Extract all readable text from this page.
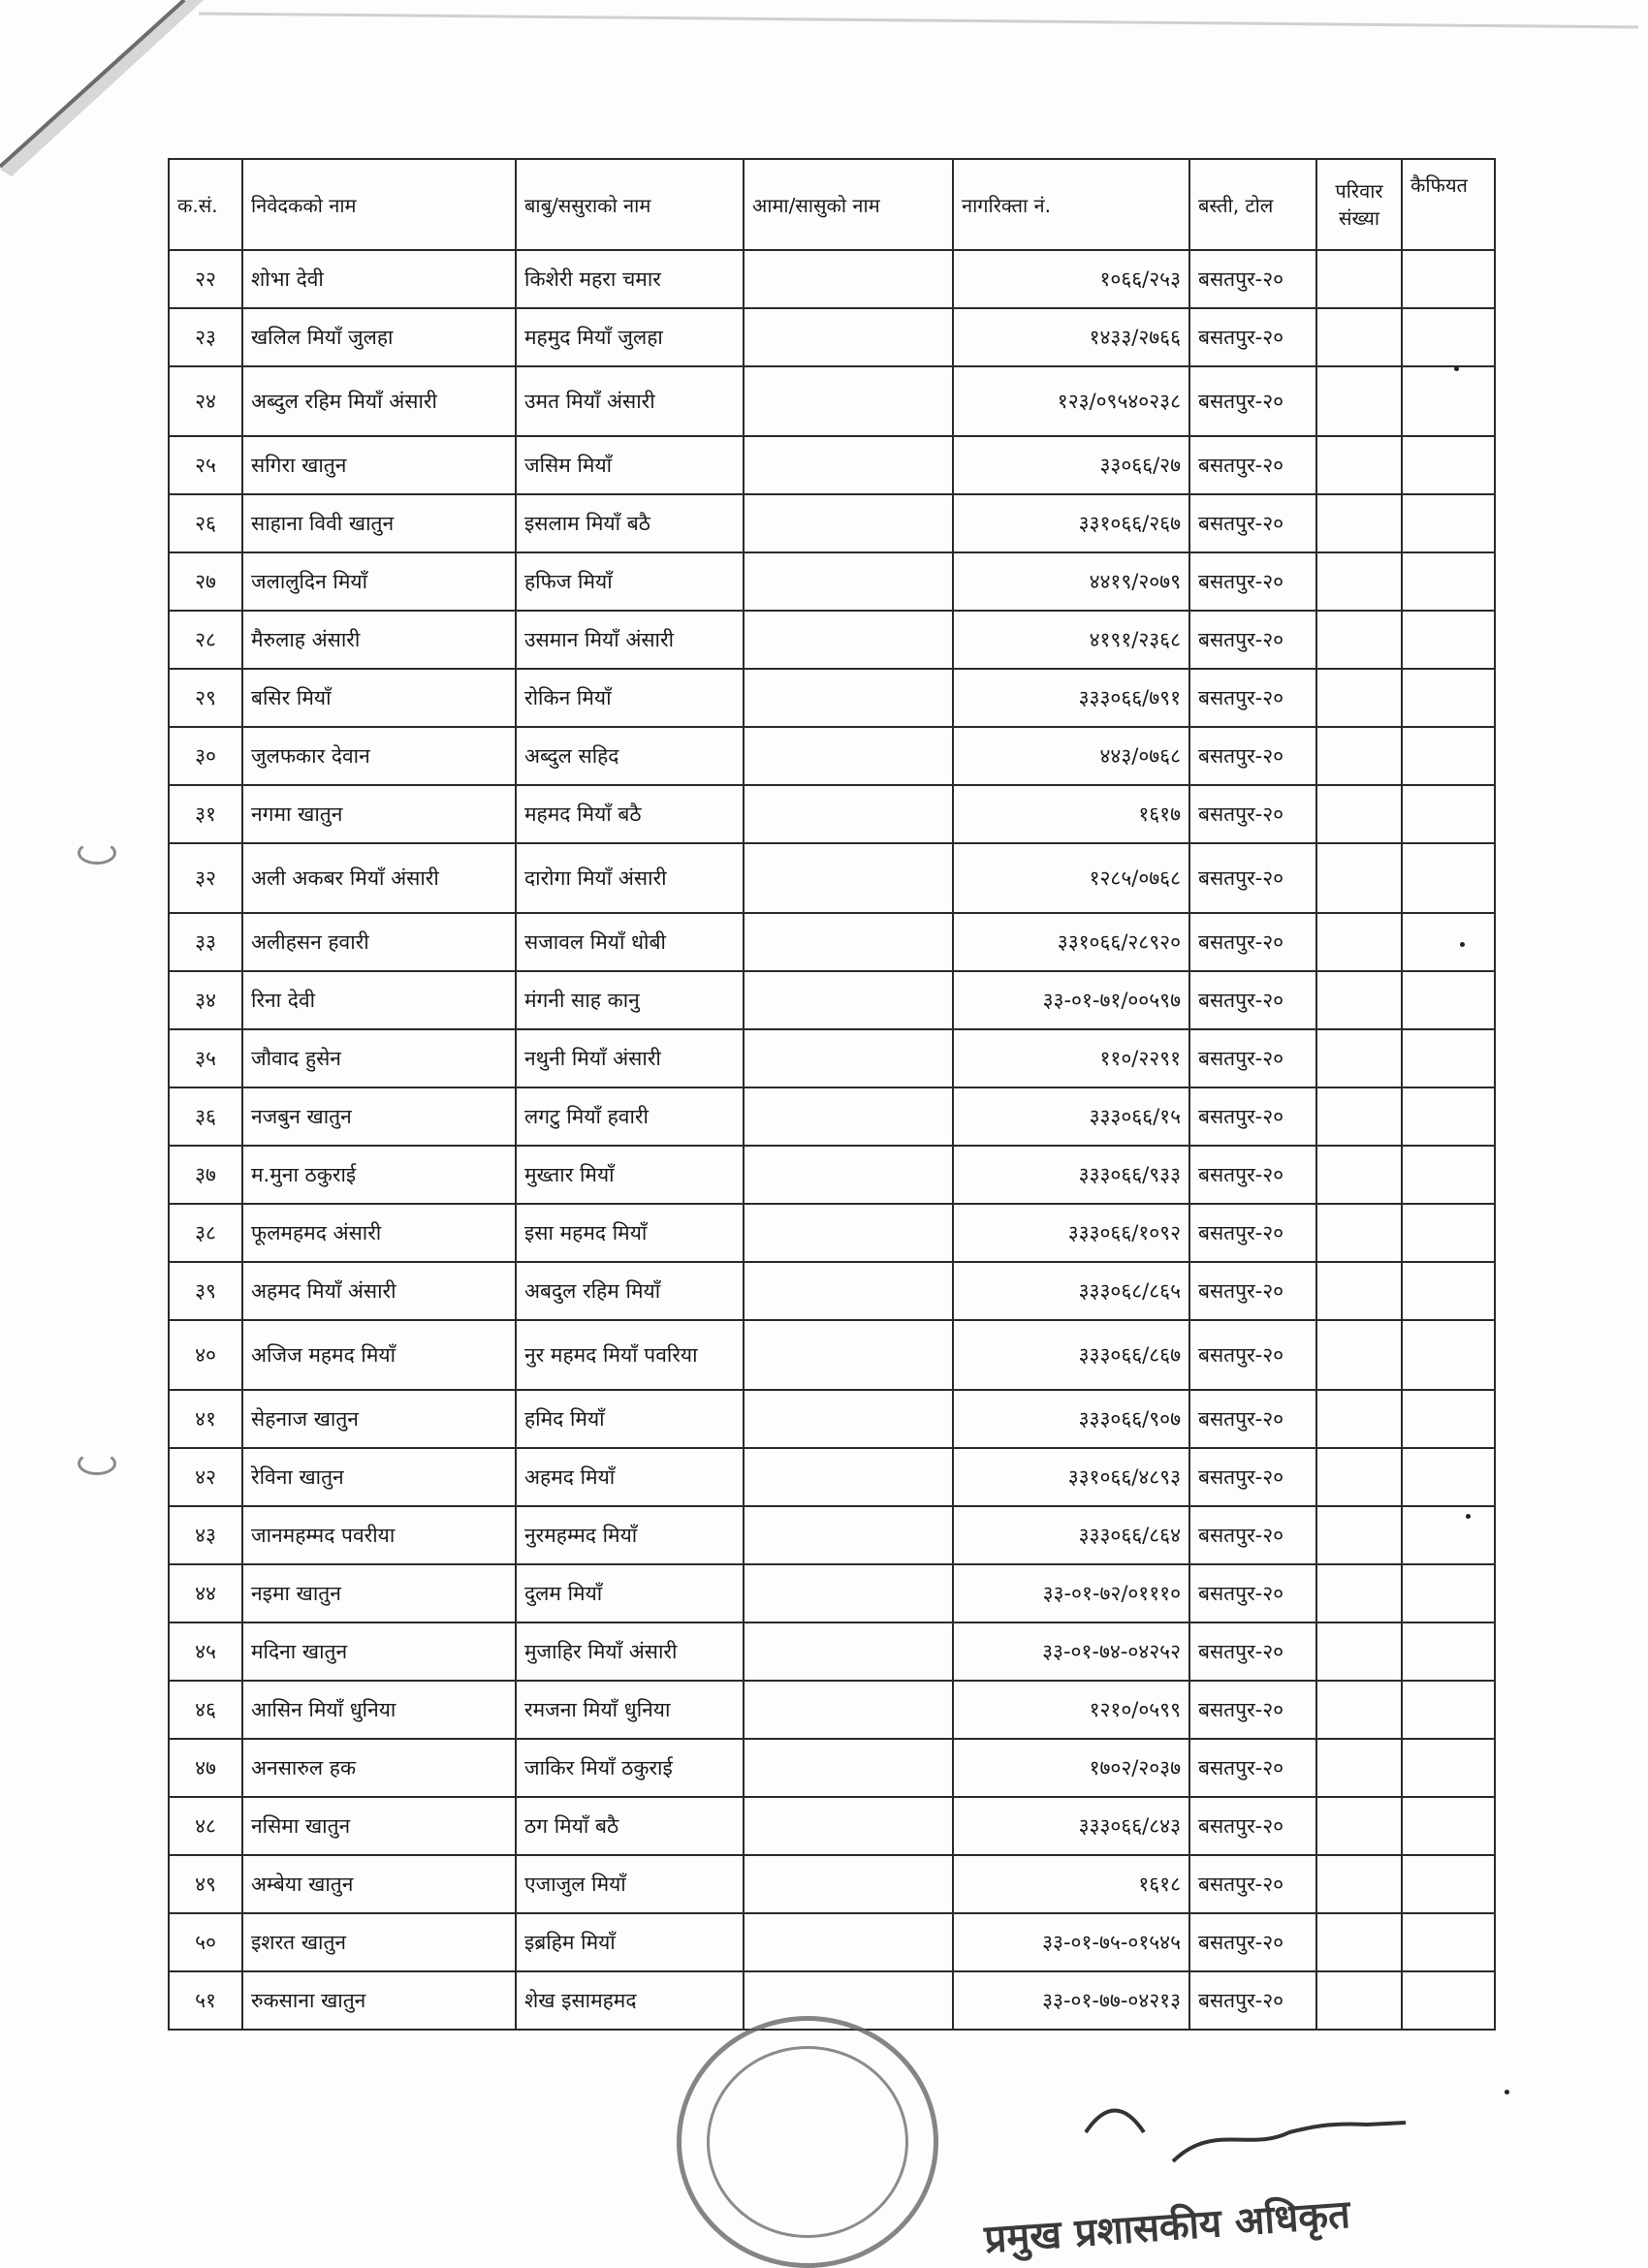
क.सं.	निवेदकको नाम	बाबु/ससुराको नाम	आमा/सासुको नाम	नागरिक्ता नं.	बस्ती, टोल	परिवार संख्या	कैफियत
२२	शोभा देवी	किशेरी महरा चमार		१०६६/२५३	बसतपुर-२०		
२३	खलिल मियाँ जुलहा	महमुद मियाँ जुलहा		१४३३/२७६६	बसतपुर-२०		
२४	अब्दुल रहिम मियाँ अंसारी	उमत मियाँ अंसारी		१२३/०९५४०२३८	बसतपुर-२०		
२५	सगिरा खातुन	जसिम मियाँ		३३०६६/२७	बसतपुर-२०		
२६	साहाना विवी खातुन	इसलाम मियाँ बठै		३३१०६६/२६७	बसतपुर-२०		
२७	जलालुदिन मियाँ	हफिज मियाँ		४४१९/२०७९	बसतपुर-२०		
२८	मैरुलाह अंसारी	उसमान मियाँ अंसारी		४१९१/२३६८	बसतपुर-२०		
२९	बसिर मियाँ	रोकिन मियाँ		३३३०६६/७९१	बसतपुर-२०		
३०	जुलफकार देवान	अब्दुल सहिद		४४३/०७६८	बसतपुर-२०		
३१	नगमा खातुन	महमद मियाँ बठै		१६१७	बसतपुर-२०		
३२	अली अकबर मियाँ अंसारी	दारोगा मियाँ अंसारी		१२८५/०७६८	बसतपुर-२०		
३३	अलीहसन हवारी	सजावल मियाँ धोबी		३३१०६६/२८९२०	बसतपुर-२०		
३४	रिना देवी	मंगनी साह कानु		३३-०१-७१/००५९७	बसतपुर-२०		
३५	जौवाद हुसेन	नथुनी मियाँ अंसारी		११०/२२९१	बसतपुर-२०		
३६	नजबुन खातुन	लगटु मियाँ हवारी		३३३०६६/१५	बसतपुर-२०		
३७	म.मुना ठकुराई	मुख्तार मियाँ		३३३०६६/९३३	बसतपुर-२०		
३८	फूलमहमद अंसारी	इसा महमद मियाँ		३३३०६६/१०९२	बसतपुर-२०		
३९	अहमद मियाँ अंसारी	अबदुल रहिम मियाँ		३३३०६८/८६५	बसतपुर-२०		
४०	अजिज महमद मियाँ	नुर महमद मियाँ पवरिया		३३३०६६/८६७	बसतपुर-२०		
४१	सेहनाज खातुन	हमिद मियाँ		३३३०६६/९०७	बसतपुर-२०		
४२	रेविना खातुन	अहमद मियाँ		३३१०६६/४८९३	बसतपुर-२०		
४३	जानमहम्मद पवरीया	नुरमहम्मद मियाँ		३३३०६६/८६४	बसतपुर-२०		
४४	नइमा खातुन	दुलम मियाँ		३३-०१-७२/०१११०	बसतपुर-२०		
४५	मदिना खातुन	मुजाहिर मियाँ अंसारी		३३-०१-७४-०४२५२	बसतपुर-२०		
४६	आसिन मियाँ धुनिया	रमजना मियाँ धुनिया		१२१०/०५९९	बसतपुर-२०		
४७	अनसारुल हक	जाकिर मियाँ ठकुराई		१७०२/२०३७	बसतपुर-२०		
४८	नसिमा खातुन	ठग मियाँ बठै		३३३०६६/८४३	बसतपुर-२०		
४९	अम्बेया खातुन	एजाजुल मियाँ		१६१८	बसतपुर-२०		
५०	इशरत खातुन	इब्रहिम मियाँ		३३-०१-७५-०१५४५	बसतपुर-२०		
५१	रुकसाना खातुन	शेख इसामहमद		३३-०१-७७-०४२१३	बसतपुर-२०		
प्रमुख प्रशासकीय अधिकृत
